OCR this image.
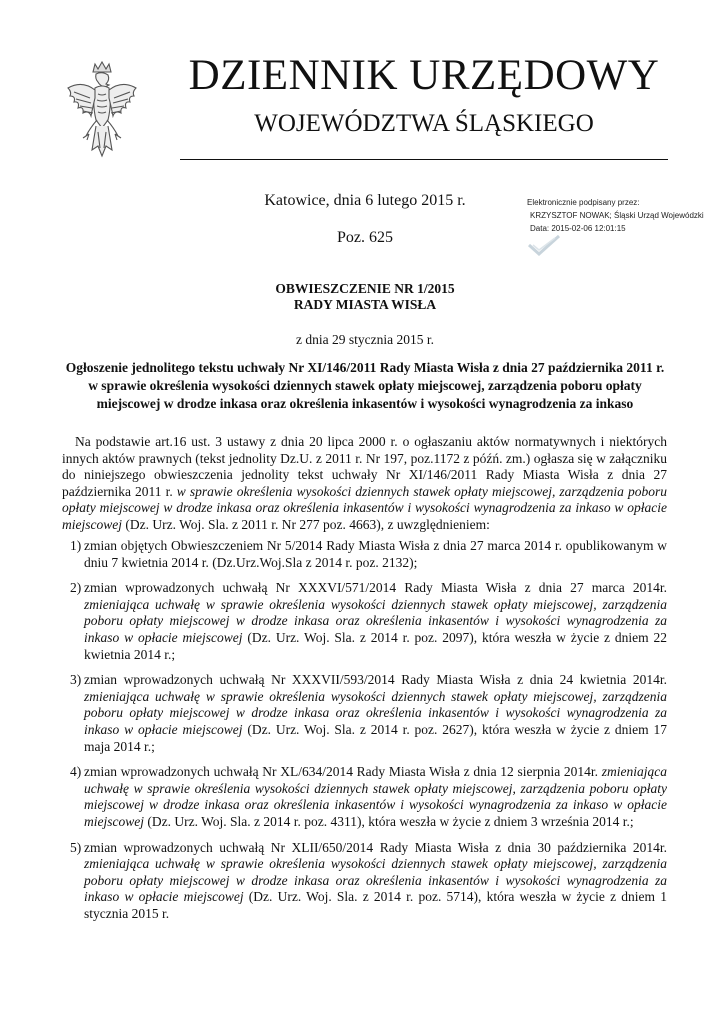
DZIENNIK URZĘDOWY
WOJEWÓDZTWA ŚLĄSKIEGO
Katowice, dnia 6 lutego 2015 r.
Poz. 625
Elektronicznie podpisany przez:
KRZYSZTOF NOWAK; Śląski Urząd Wojewódzki
Data: 2015-02-06 12:01:15
OBWIESZCZENIE NR 1/2015
RADY MIASTA WISŁA
z dnia 29 stycznia 2015 r.
Ogłoszenie jednolitego tekstu uchwały Nr XI/146/2011 Rady Miasta Wisła z dnia 27 października 2011 r.
w sprawie określenia wysokości dziennych stawek opłaty miejscowej, zarządzenia poboru opłaty
miejscowej w drodze inkasa oraz określenia inkasentów i wysokości wynagrodzenia za inkaso

Na podstawie art.16 ust. 3 ustawy z dnia 20 lipca 2000 r. o ogłaszaniu aktów normatywnych i niektórych innych aktów prawnych (tekst jednolity Dz.U. z 2011 r. Nr 197, poz.1172 z późń. zm.) ogłasza się w załączniku do niniejszego obwieszczenia jednolity tekst uchwały Nr XI/146/2011 Rady Miasta Wisła z dnia 27 października 2011 r. w sprawie określenia wysokości dziennych stawek opłaty miejscowej, zarządzenia poboru opłaty miejscowej w drodze inkasa oraz określenia inkasentów i wysokości wynagrodzenia za inkaso w opłacie miejscowej (Dz. Urz. Woj. Sla. z 2011 r. Nr 277 poz. 4663), z uwzględnieniem:

1) zmian objętych Obwieszczeniem Nr 5/2014 Rady Miasta Wisła z dnia 27 marca 2014 r. opublikowanym w dniu 7 kwietnia 2014 r. (Dz.Urz.Woj.Sla z 2014 r. poz. 2132);
2) zmian wprowadzonych uchwałą Nr XXXVI/571/2014 Rady Miasta Wisła z dnia 27 marca 2014r. zmieniająca uchwałę w sprawie określenia wysokości dziennych stawek opłaty miejscowej, zarządzenia poboru opłaty miejscowej w drodze inkasa oraz określenia inkasentów i wysokości wynagrodzenia za inkaso w opłacie miejscowej (Dz. Urz. Woj. Sla. z 2014 r. poz. 2097), która weszła w życie z dniem 22 kwietnia 2014 r.;
3) zmian wprowadzonych uchwałą Nr XXXVII/593/2014 Rady Miasta Wisła z dnia 24 kwietnia 2014r. zmieniająca uchwałę w sprawie określenia wysokości dziennych stawek opłaty miejscowej, zarządzenia poboru opłaty miejscowej w drodze inkasa oraz określenia inkasentów i wysokości wynagrodzenia za inkaso w opłacie miejscowej (Dz. Urz. Woj. Sla. z 2014 r. poz. 2627), która weszła w życie z dniem 17 maja 2014 r.;
4) zmian wprowadzonych uchwałą Nr XL/634/2014 Rady Miasta Wisła z dnia 12 sierpnia 2014r. zmieniająca uchwałę w sprawie określenia wysokości dziennych stawek opłaty miejscowej, zarządzenia poboru opłaty miejscowej w drodze inkasa oraz określenia inkasentów i wysokości wynagrodzenia za inkaso w opłacie miejscowej (Dz. Urz. Woj. Sla. z 2014 r. poz. 4311), która weszła w życie z dniem 3 września 2014 r.;
5) zmian wprowadzonych uchwałą Nr XLII/650/2014 Rady Miasta Wisła z dnia 30 października 2014r. zmieniająca uchwałę w sprawie określenia wysokości dziennych stawek opłaty miejscowej, zarządzenia poboru opłaty miejscowej w drodze inkasa oraz określenia inkasentów i wysokości wynagrodzenia za inkaso w opłacie miejscowej (Dz. Urz. Woj. Sla. z 2014 r. poz. 5714), która weszła w życie z dniem 1 stycznia 2015 r.
